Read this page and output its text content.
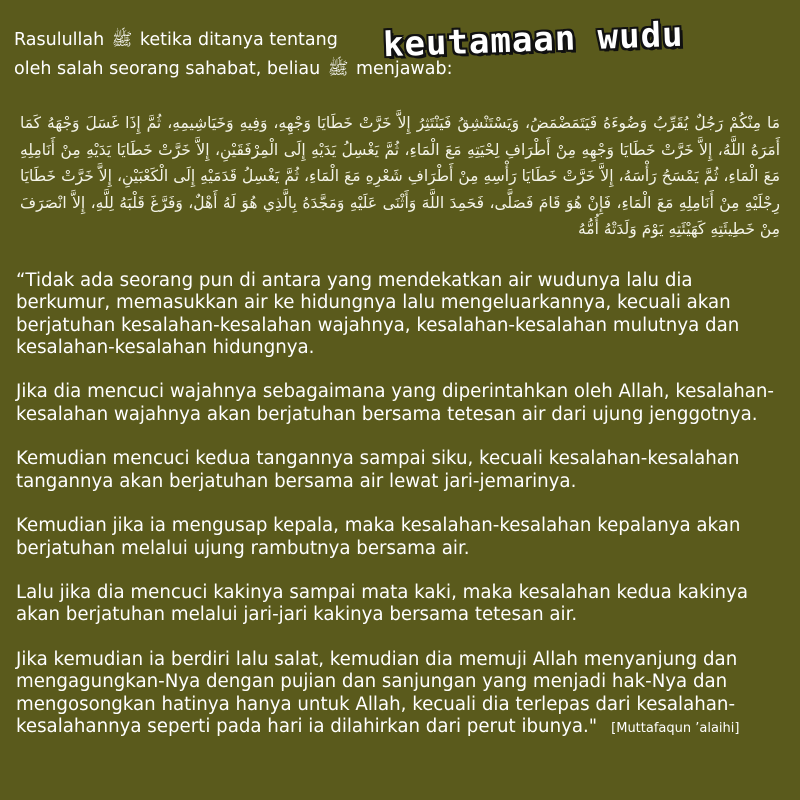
Rasulullah ﷺ ketika ditanya tentang
oleh salah seorang sahabat, beliau ﷺ menjawab:
keutamaan wudu
مَا مِنْكُمْ رَجُلٌ يُقَرِّبُ وَضُوءَهُ فَيَتَمَضْمَضُ، وَيَسْتَنْشِقُ فَيَنْتَثِرُ إِلاَّ خَرَّتْ خَطَايَا وَجْهِهِ، وَفِيهِ وَخَيَاشِيمِهِ، ثُمَّ إِذَا غَسَلَ وَجْهَهُ كَمَا أَمَرَهُ اللَّهُ، إِلاَّ خَرَّتْ خَطَايَا وَجْهِهِ مِنْ أَطْرَافِ لِحْيَتِهِ مَعَ الْمَاءِ، ثُمَّ يَغْسِلُ يَدَيْهِ إِلَى الْمِرْفَقَيْنِ، إِلاَّ خَرَّتْ خَطَايَا يَدَيْهِ مِنْ أَنَامِلِهِ مَعَ الْمَاءِ، ثُمَّ يَمْسَحُ رَأْسَهُ، إِلاَّ خَرَّتْ خَطَايَا رَأْسِهِ مِنْ أَطْرَافِ شَعْرِهِ مَعَ الْمَاءِ، ثُمَّ يَغْسِلُ قَدَمَيْهِ إِلَى الْكَعْبَيْنِ، إِلاَّ خَرَّتْ خَطَايَا رِجْلَيْهِ مِنْ أَنَامِلِهِ مَعَ الْمَاءِ، فَإِنْ هُوَ قَامَ فَصَلَّى، فَحَمِدَ اللَّهَ وَأَثْنَى عَلَيْهِ وَمَجَّدَهُ بِالَّذِي هُوَ لَهُ أَهْلٌ، وَفَرَّغَ قَلْبَهُ لِلَّهِ، إِلاَّ انْصَرَفَ مِنْ خَطِيئَتِهِ كَهَيْئَتِهِ يَوْمَ وَلَدَتْهُ أُمُّهُ

“Tidak ada seorang pun di antara yang mendekatkan air wudunya lalu dia berkumur, memasukkan air ke hidungnya lalu mengeluarkannya, kecuali akan berjatuhan kesalahan-kesalahan wajahnya, kesalahan-kesalahan mulutnya dan kesalahan-kesalahan hidungnya.

Jika dia mencuci wajahnya sebagaimana yang diperintahkan oleh Allah, kesalahan-kesalahan wajahnya akan berjatuhan bersama tetesan air dari ujung jenggotnya.

Kemudian mencuci kedua tangannya sampai siku, kecuali kesalahan-kesalahan tangannya akan berjatuhan bersama air lewat jari-jemarinya.

Kemudian jika ia mengusap kepala, maka kesalahan-kesalahan kepalanya akan berjatuhan melalui ujung rambutnya bersama air.

Lalu jika dia mencuci kakinya sampai mata kaki, maka kesalahan kedua kakinya akan berjatuhan melalui jari-jari kakinya bersama tetesan air.

Jika kemudian ia berdiri lalu salat, kemudian dia memuji Allah menyanjung dan mengagungkan-Nya dengan pujian dan sanjungan yang menjadi hak-Nya dan mengosongkan hatinya hanya untuk Allah, kecuali dia terlepas dari kesalahan-kesalahannya seperti pada hari ia dilahirkan dari perut ibunya." [Muttafaqun ’alaihi]
